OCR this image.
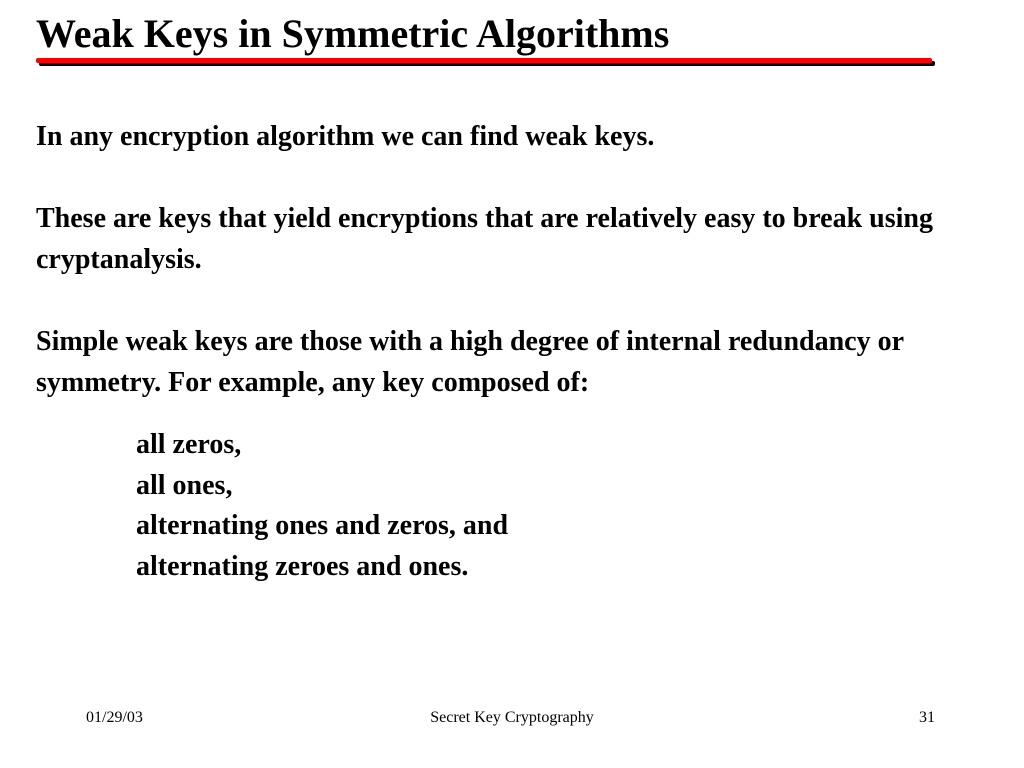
Weak Keys in Symmetric Algorithms

In any encryption algorithm we can find weak keys.

These are keys that yield encryptions that are relatively easy to break using cryptanalysis.

Simple weak keys are those with a high degree of internal redundancy or symmetry. For example, any key composed of:

all zeros,
all ones,
alternating ones and zeros, and
alternating zeroes and ones.
01/29/03	Secret Key Cryptography	31
